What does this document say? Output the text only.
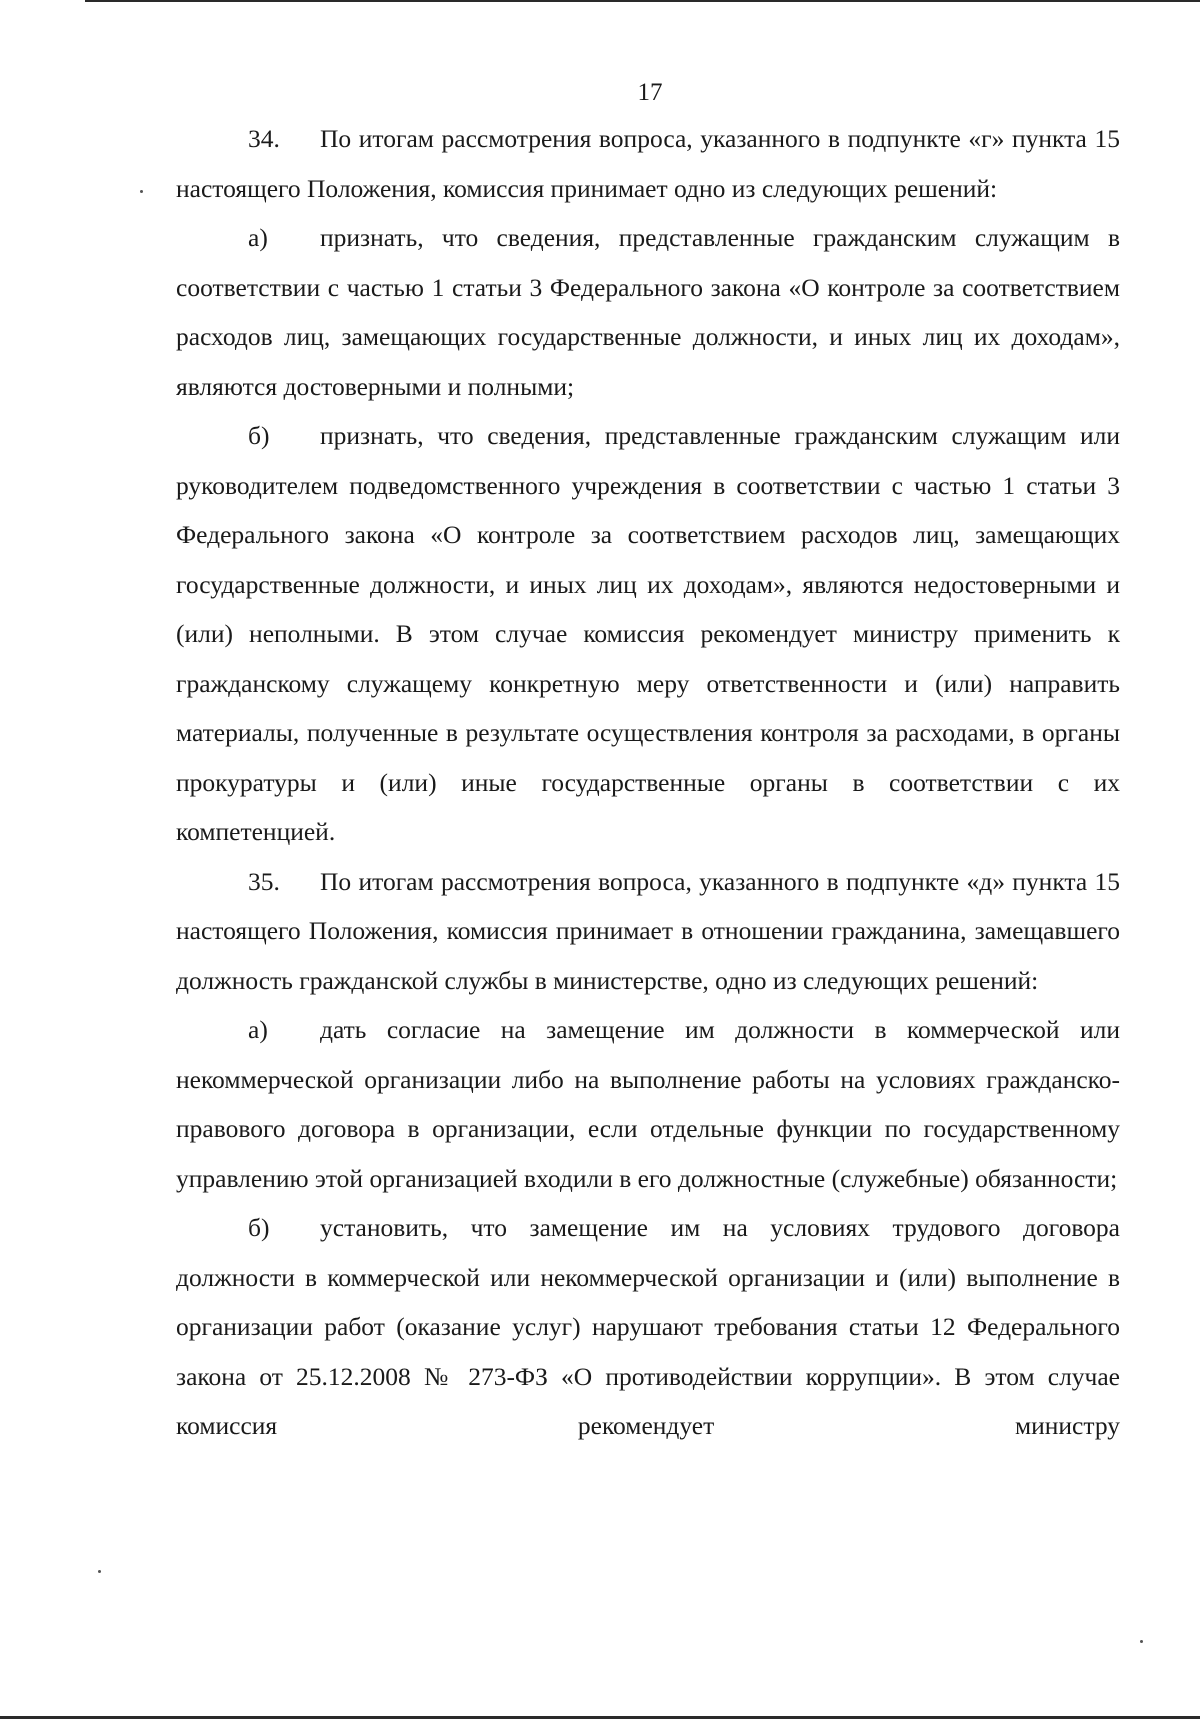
17

34. По итогам рассмотрения вопроса, указанного в подпункте «г» пункта 15 настоящего Положения, комиссия принимает одно из следующих решений:

а) признать, что сведения, представленные гражданским служащим в соответствии с частью 1 статьи 3 Федерального закона «О контроле за соответствием расходов лиц, замещающих государственные должности, и иных лиц их доходам», являются достоверными и полными;

б) признать, что сведения, представленные гражданским служащим или руководителем подведомственного учреждения в соответствии с частью 1 статьи 3 Федерального закона «О контроле за соответствием расходов лиц, замещающих государственные должности, и иных лиц их доходам», являются недостоверными и (или) неполными. В этом случае комиссия рекомендует министру применить к гражданскому служащему конкретную меру ответственности и (или) направить материалы, полученные в результате осуществления контроля за расходами, в органы прокуратуры и (или) иные государственные органы в соответствии с их компетенцией.

35. По итогам рассмотрения вопроса, указанного в подпункте «д» пункта 15 настоящего Положения, комиссия принимает в отношении гражданина, замещавшего должность гражданской службы в министерстве, одно из следующих решений:

а) дать согласие на замещение им должности в коммерческой или некоммерческой организации либо на выполнение работы на условиях гражданско-правового договора в организации, если отдельные функции по государственному управлению этой организацией входили в его должностные (служебные) обязанности;

б) установить, что замещение им на условиях трудового договора должности в коммерческой или некоммерческой организации и (или) выполнение в организации работ (оказание услуг) нарушают требования статьи 12 Федерального закона от 25.12.2008 № 273-ФЗ «О противодействии коррупции». В этом случае комиссия рекомендует министру
